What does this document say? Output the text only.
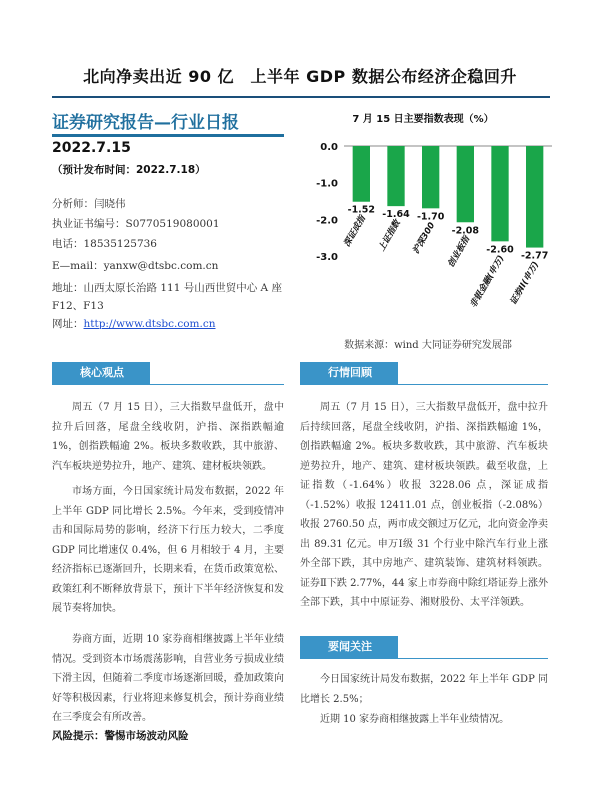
北向净卖出近 90 亿　上半年 GDP 数据公布经济企稳回升
证券研究报告—行业日报
2022.7.15
（预计发布时间：2022.7.18）
分析师：闫晓伟
执业证书编号：S0770519080001
电话：18535125736
E—mail：yanxw@dtsbc.com.cn
地址：山西太原长治路 111 号山西世贸中心 A 座
F12、F13
网址：http://www.dtsbc.com.cn
7 月 15 日主要指数表现（%）
0.0
-1.0
-2.0
-3.0
-1.52
深证成指 -1.64
上证指数
-1.70
沪深300 -2.08
创业板指 -2.60
非银金融(申万) -2.77
证券II(申万)
数据来源：wind 大同证券研究发展部
核心观点
周五（7 月 15 日），三大指数早盘低开，盘中拉升后回落，尾盘全线收阴，沪指、深指跌幅逾 1%，创指跌幅逾 2%。板块多数收跌，其中旅游、汽车板块逆势拉升，地产、建筑、建材板块领跌。
市场方面，今日国家统计局发布数据，2022 年上半年 GDP 同比增长 2.5%。今年来，受到疫情冲击和国际局势的影响，经济下行压力较大，二季度 GDP 同比增速仅 0.4%，但 6 月相较于 4 月，主要经济指标已逐渐回升，长期来看，在货币政策宽松、政策红利不断释放背景下，预计下半年经济恢复和发展节奏将加快。
券商方面，近期 10 家券商相继披露上半年业绩情况。受到资本市场震荡影响，自营业务亏损成业绩下滑主因，但随着二季度市场逐渐回暖，叠加政策向好等积极因素，行业将迎来修复机会，预计券商业绩在三季度会有所改善。
风险提示：警惕市场波动风险
行情回顾
周五（7 月 15 日），三大指数早盘低开，盘中拉升后持续回落，尾盘全线收阴，沪指、深指跌幅逾 1%，创指跌幅逾 2%。板块多数收跌，其中旅游、汽车板块逆势拉升，地产、建筑、建材板块领跌。截至收盘，上证指数（-1.64%）收报 3228.06 点，深证成指（-1.52%）收报 12411.01 点，创业板指（-2.08%）收报 2760.50 点，两市成交额过万亿元，北向资金净卖出 89.31 亿元。申万Ⅰ级 31 个行业中除汽车行业上涨外全部下跌，其中房地产、建筑装饰、建筑材料领跌。证券Ⅱ下跌 2.77%，44 家上市券商中除红塔证券上涨外全部下跌，其中中原证券、湘财股份、太平洋领跌。
要闻关注
今日国家统计局发布数据，2022 年上半年 GDP 同比增长 2.5%；
近期 10 家券商相继披露上半年业绩情况。
